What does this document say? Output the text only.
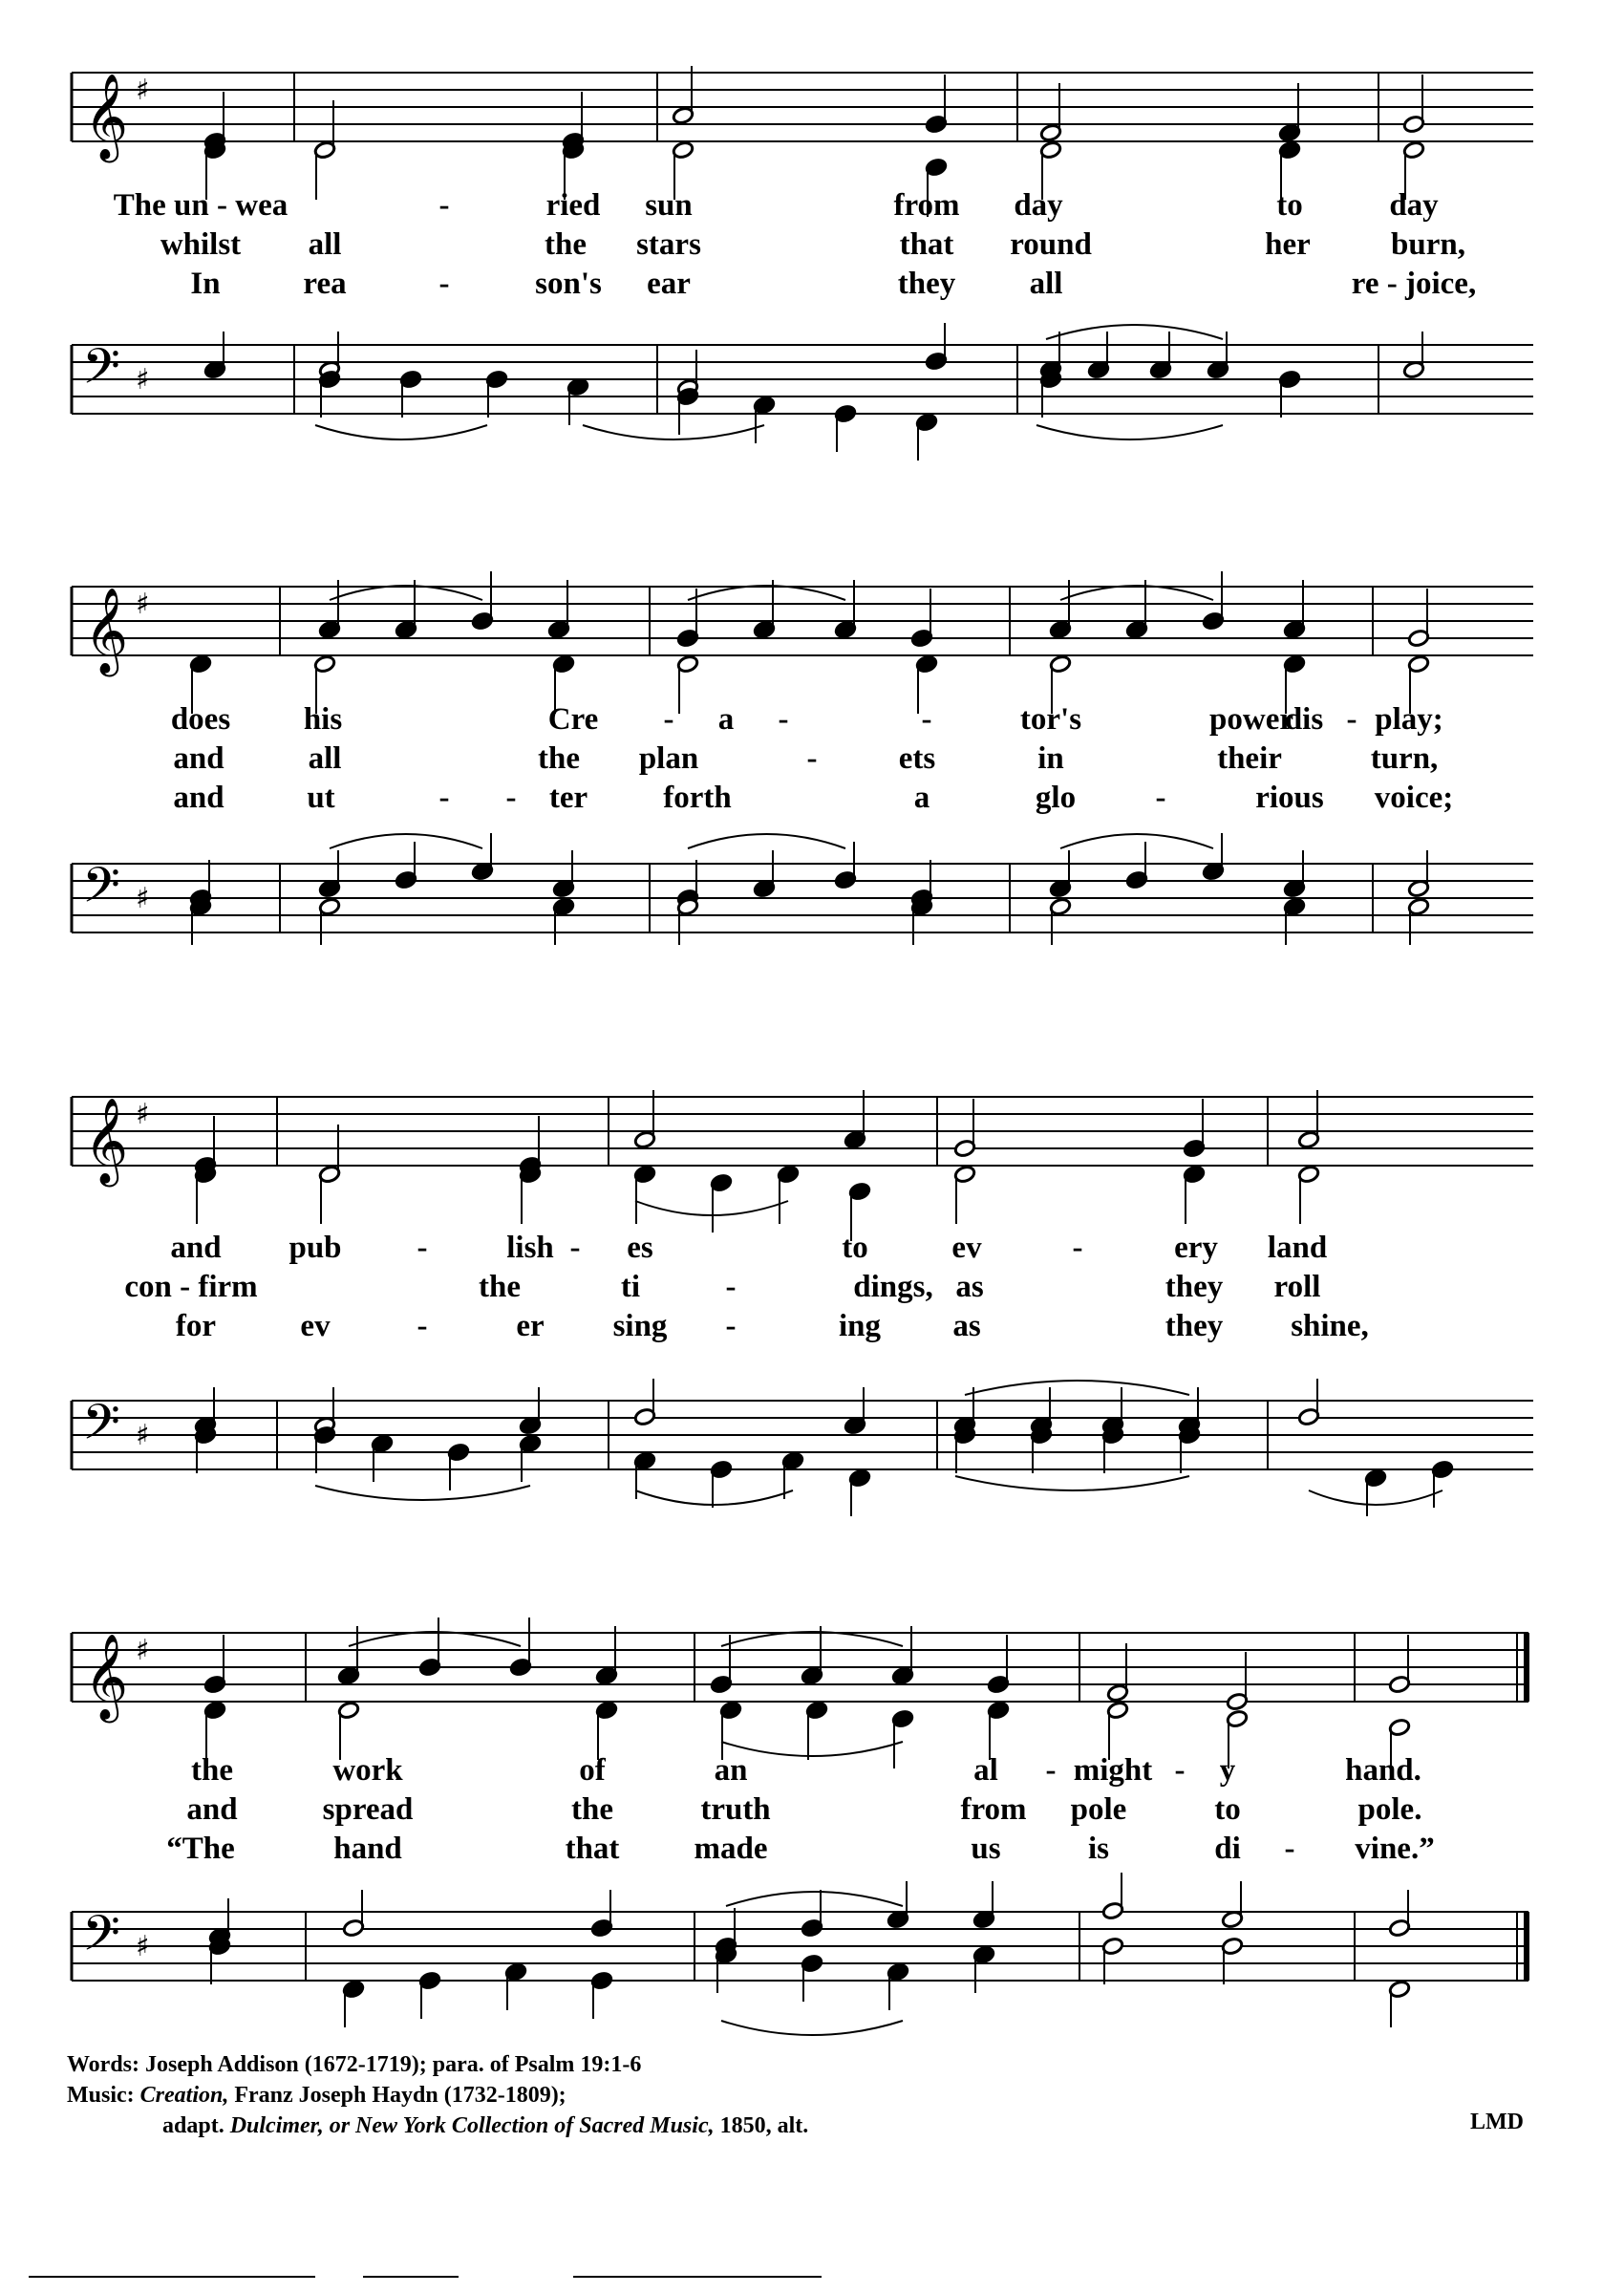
𝄞 ♯
The un - wea	-	ried sun	from day	to	day
whilst all	the stars	that round	her	burn,
In	rea	-	son's ear	they all	re - joice,
𝄢 ♯
𝄞 ♯
does his	Cre - a -	-	tor's	power
dis - play;
and	all	the plan	-	ets	in	their	turn,
and	ut	- - ter forth	a	glo	-	rious voice;
𝄢 ♯
𝄞 ♯
and pub -	lish - es	to	ev	-	ery land
con - firm	the	ti	-	dings, as	they roll
for	ev	-	er sing -	ing as	they shine,
𝄢 ♯
𝄞 ♯
the	work	of	an	al - might - y	hand.
and	spread	the	truth	from pole	to	pole.
“The	hand	that made	us	is	di - vine.”
𝄢 ♯
Words: Joseph Addison (1672-1719); para. of Psalm 19:1-6
Music: Creation, Franz Joseph Haydn (1732-1809);
adapt. Dulcimer, or New York Collection of Sacred Music, 1850, alt.	LMD
